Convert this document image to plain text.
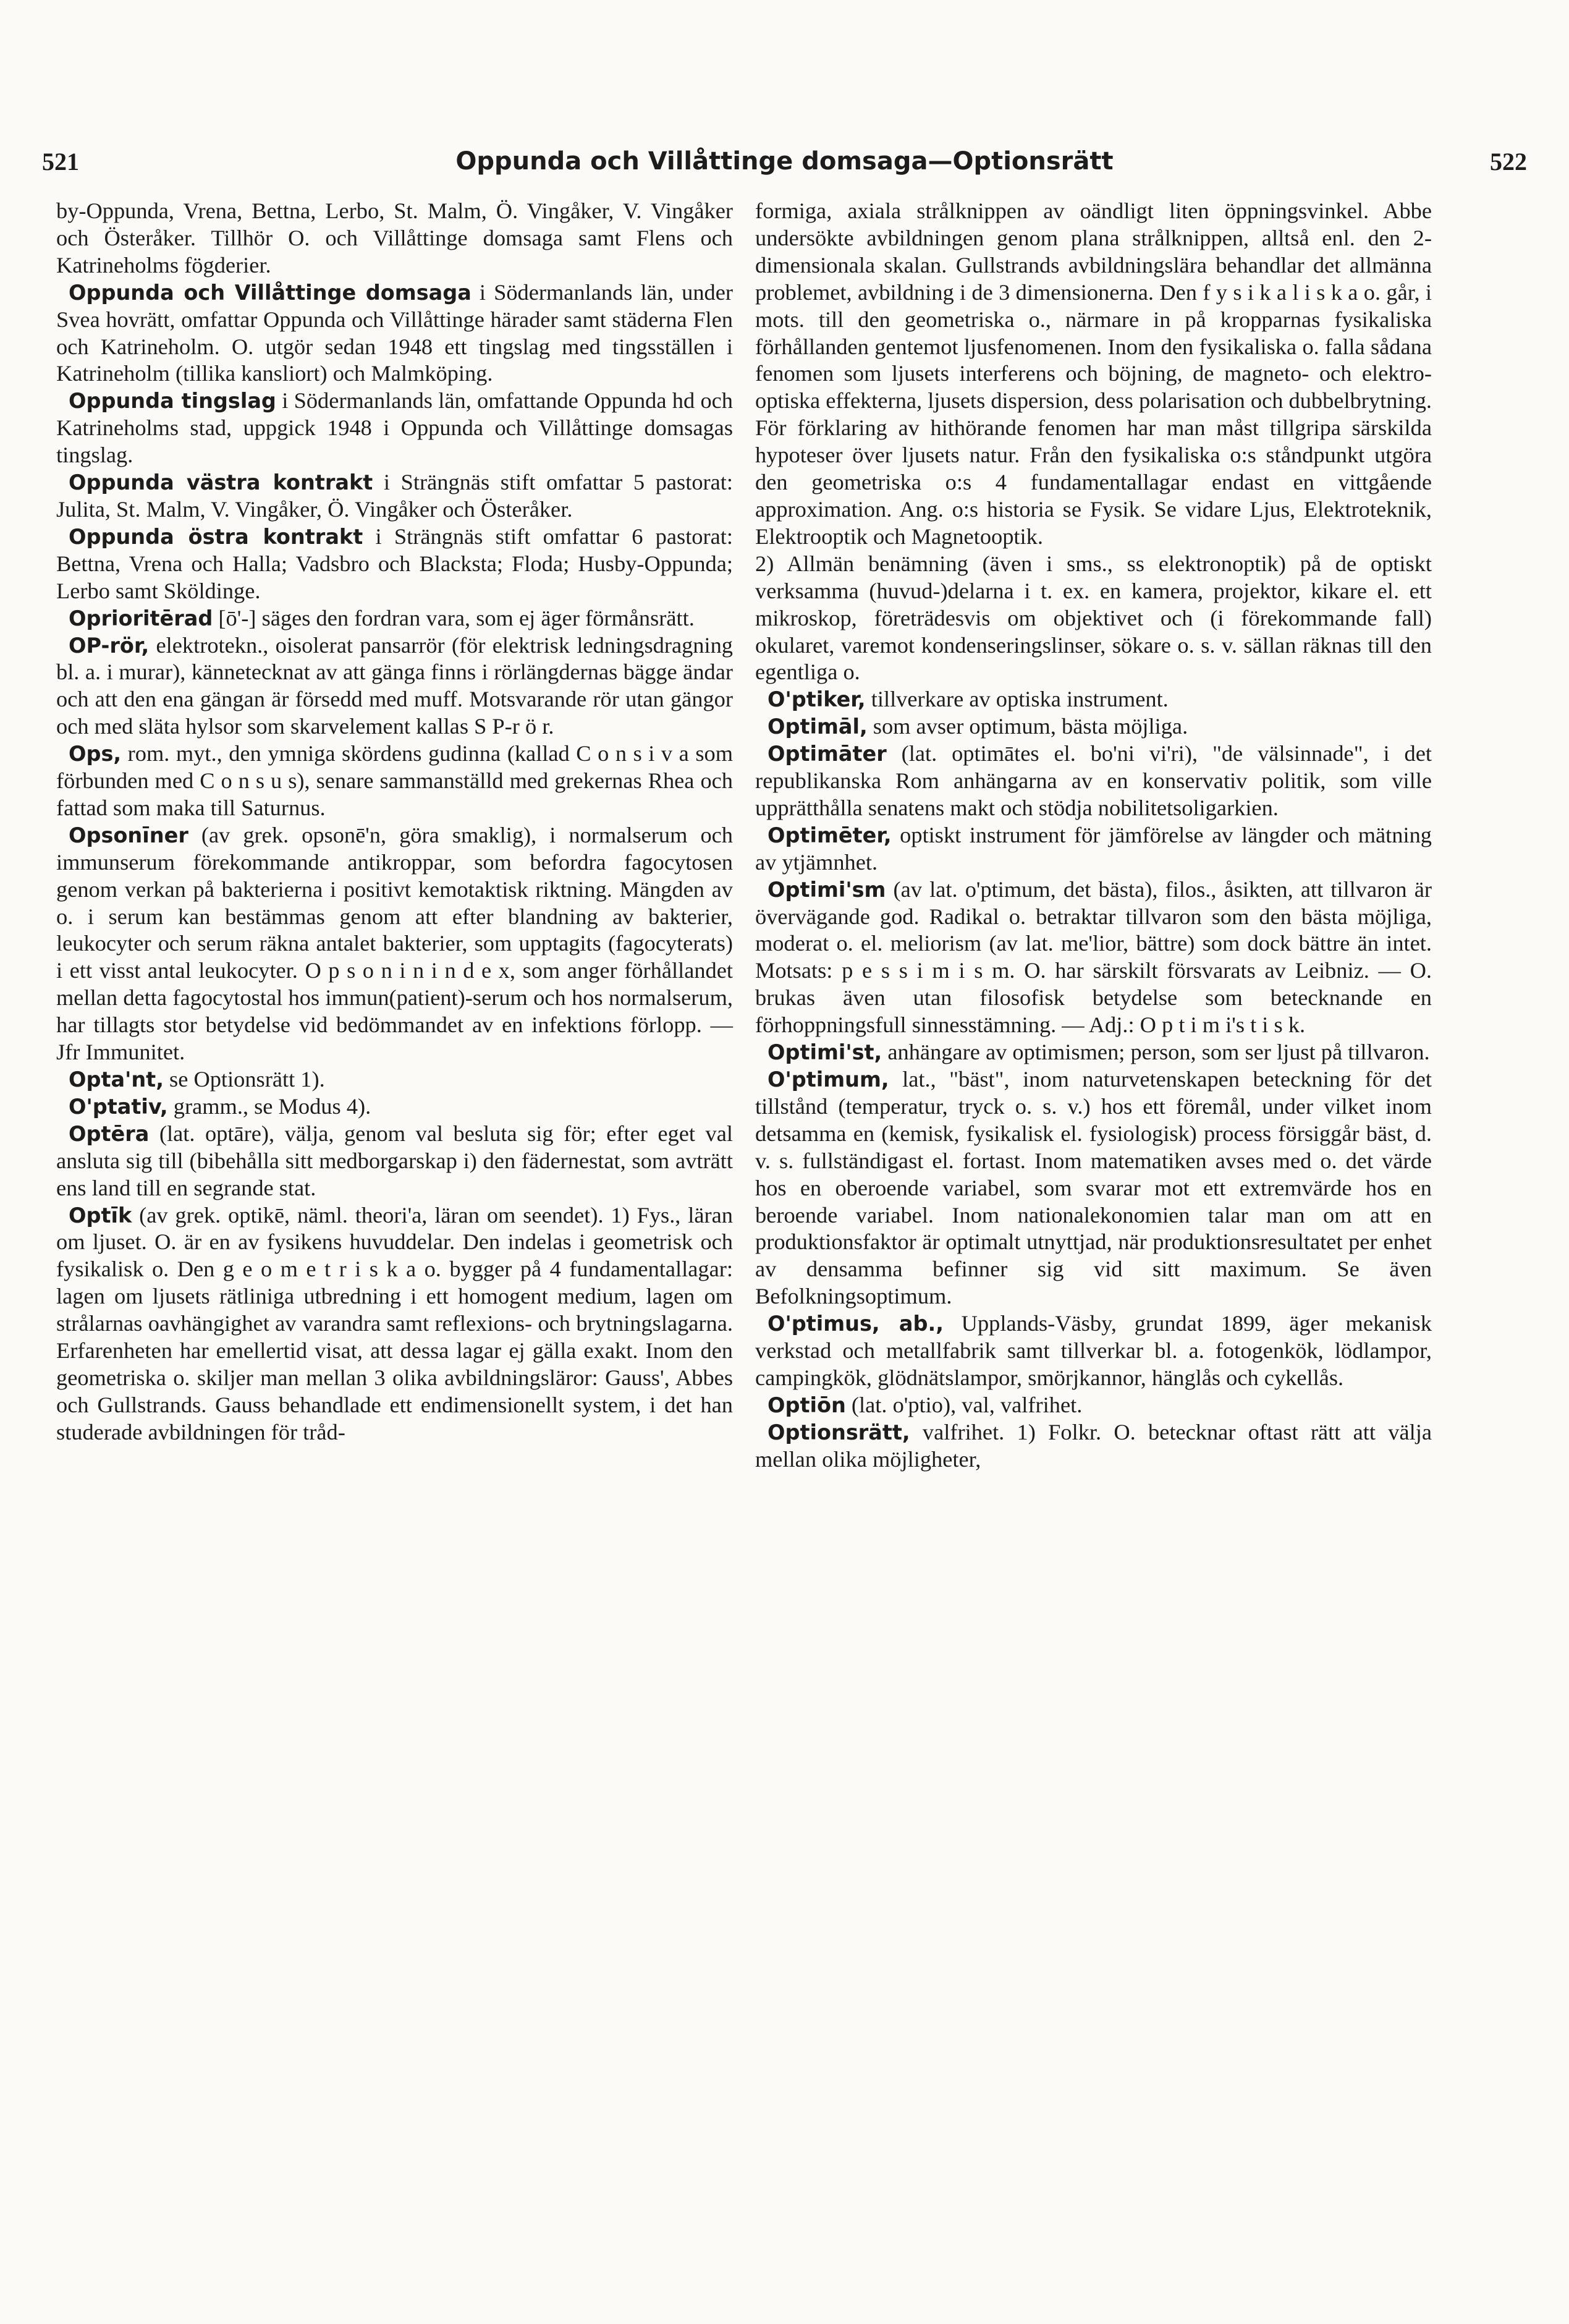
521	Oppunda och Villåttinge domsaga—Optionsrätt	522

by-Oppunda, Vrena, Bettna, Lerbo, St. Malm, Ö. Vingåker, V. Vingåker och Österåker. Tillhör O. och Villåttinge domsaga samt Flens och Katrineholms fögderier.

Oppunda och Villåttinge domsaga i Södermanlands län, under Svea hovrätt, omfattar Oppunda och Villåttinge härader samt städerna Flen och Katrineholm. O. utgör sedan 1948 ett tingslag med tingsställen i Katrineholm (tillika kansliort) och Malmköping.

Oppunda tingslag i Södermanlands län, omfattande Oppunda hd och Katrineholms stad, uppgick 1948 i Oppunda och Villåttinge domsagas tingslag.

Oppunda västra kontrakt i Strängnäs stift omfattar 5 pastorat: Julita, St. Malm, V. Vingåker, Ö. Vingåker och Österåker.

Oppunda östra kontrakt i Strängnäs stift omfattar 6 pastorat: Bettna, Vrena och Halla; Vadsbro och Blacksta; Floda; Husby-Oppunda; Lerbo samt Sköldinge.

Oprioritērad [ō'-] säges den fordran vara, som ej äger förmånsrätt.

OP-rör, elektrotekn., oisolerat pansarrör (för elektrisk ledningsdragning bl. a. i murar), kännetecknat av att gänga finns i rörlängdernas bägge ändar och att den ena gängan är försedd med muff. Motsvarande rör utan gängor och med släta hylsor som skarvelement kallas S P-r ö r.

Ops, rom. myt., den ymniga skördens gudinna (kallad C o n s i v a som förbunden med C o n s u s), senare sammanställd med grekernas Rhea och fattad som maka till Saturnus.

Opsonīner (av grek. opsonē'n, göra smaklig), i normalserum och immunserum förekommande antikroppar, som befordra fagocytosen genom verkan på bakterierna i positivt kemotaktisk riktning. Mängden av o. i serum kan bestämmas genom att efter blandning av bakterier, leukocyter och serum räkna antalet bakterier, som upptagits (fagocyterats) i ett visst antal leukocyter. O p s o n i n i n d e x, som anger förhållandet mellan detta fagocytostal hos immun(patient)-serum och hos normalserum, har tillagts stor betydelse vid bedömmandet av en infektions förlopp. — Jfr Immunitet.

Opta'nt, se Optionsrätt 1).

O'ptativ, gramm., se Modus 4).

Optēra (lat. optāre), välja, genom val besluta sig för; efter eget val ansluta sig till (bibehålla sitt medborgarskap i) den fädernestat, som avträtt ens land till en segrande stat.

Optīk (av grek. optikē, näml. theori'a, läran om seendet). 1) Fys., läran om ljuset. O. är en av fysikens huvuddelar. Den indelas i geometrisk och fysikalisk o. Den g e o m e t r i s k a o. bygger på 4 fundamentallagar: lagen om ljusets rätliniga utbredning i ett homogent medium, lagen om strålarnas oavhängighet av varandra samt reflexions- och brytningslagarna. Erfarenheten har emellertid visat, att dessa lagar ej gälla exakt. Inom den geometriska o. skiljer man mellan 3 olika avbildningsläror: Gauss', Abbes och Gullstrands. Gauss behandlade ett endimensionellt system, i det han studerade avbildningen för tråd-

formiga, axiala strålknippen av oändligt liten öppningsvinkel. Abbe undersökte avbildningen genom plana strålknippen, alltså enl. den 2-dimensionala skalan. Gullstrands avbildningslära behandlar det allmänna problemet, avbildning i de 3 dimensionerna. Den f y s i k a l i s k a o. går, i mots. till den geometriska o., närmare in på kropparnas fysikaliska förhållanden gentemot ljusfenomenen. Inom den fysikaliska o. falla sådana fenomen som ljusets interferens och böjning, de magneto- och elektro-optiska effekterna, ljusets dispersion, dess polarisation och dubbelbrytning. För förklaring av hithörande fenomen har man måst tillgripa särskilda hypoteser över ljusets natur. Från den fysikaliska o:s ståndpunkt utgöra den geometriska o:s 4 fundamentallagar endast en vittgående approximation. Ang. o:s historia se Fysik. Se vidare Ljus, Elektroteknik, Elektrooptik och Magnetooptik.

2) Allmän benämning (även i sms., ss elektronoptik) på de optiskt verksamma (huvud-)delarna i t. ex. en kamera, projektor, kikare el. ett mikroskop, företrädesvis om objektivet och (i förekommande fall) okularet, varemot kondenseringslinser, sökare o. s. v. sällan räknas till den egentliga o.

O'ptiker, tillverkare av optiska instrument.

Optimāl, som avser optimum, bästa möjliga.

Optimāter (lat. optimātes el. bo'ni vi'ri), "de välsinnade", i det republikanska Rom anhängarna av en konservativ politik, som ville upprätthålla senatens makt och stödja nobilitetsoligarkien.

Optimēter, optiskt instrument för jämförelse av längder och mätning av ytjämnhet.

Optimi'sm (av lat. o'ptimum, det bästa), filos., åsikten, att tillvaron är övervägande god. Radikal o. betraktar tillvaron som den bästa möjliga, moderat o. el. meliorism (av lat. me'lior, bättre) som dock bättre än intet. Motsats: p e s s i m i s m. O. har särskilt försvarats av Leibniz. — O. brukas även utan filosofisk betydelse som betecknande en förhoppningsfull sinnesstämning. — Adj.: O p t i m i's t i s k.

Optimi'st, anhängare av optimismen; person, som ser ljust på tillvaron.

O'ptimum, lat., "bäst", inom naturvetenskapen beteckning för det tillstånd (temperatur, tryck o. s. v.) hos ett föremål, under vilket inom detsamma en (kemisk, fysikalisk el. fysiologisk) process försiggår bäst, d. v. s. fullständigast el. fortast. Inom matematiken avses med o. det värde hos en oberoende variabel, som svarar mot ett extremvärde hos en beroende variabel. Inom nationalekonomien talar man om att en produktionsfaktor är optimalt utnyttjad, när produktionsresultatet per enhet av densamma befinner sig vid sitt maximum. Se även Befolkningsoptimum.

O'ptimus, ab., Upplands-Väsby, grundat 1899, äger mekanisk verkstad och metallfabrik samt tillverkar bl. a. fotogenkök, lödlampor, campingkök, glödnätslampor, smörjkannor, hänglås och cykellås.

Optiōn (lat. o'ptio), val, valfrihet.

Optionsrätt, valfrihet. 1) Folkr. O. betecknar oftast rätt att välja mellan olika möjligheter,
